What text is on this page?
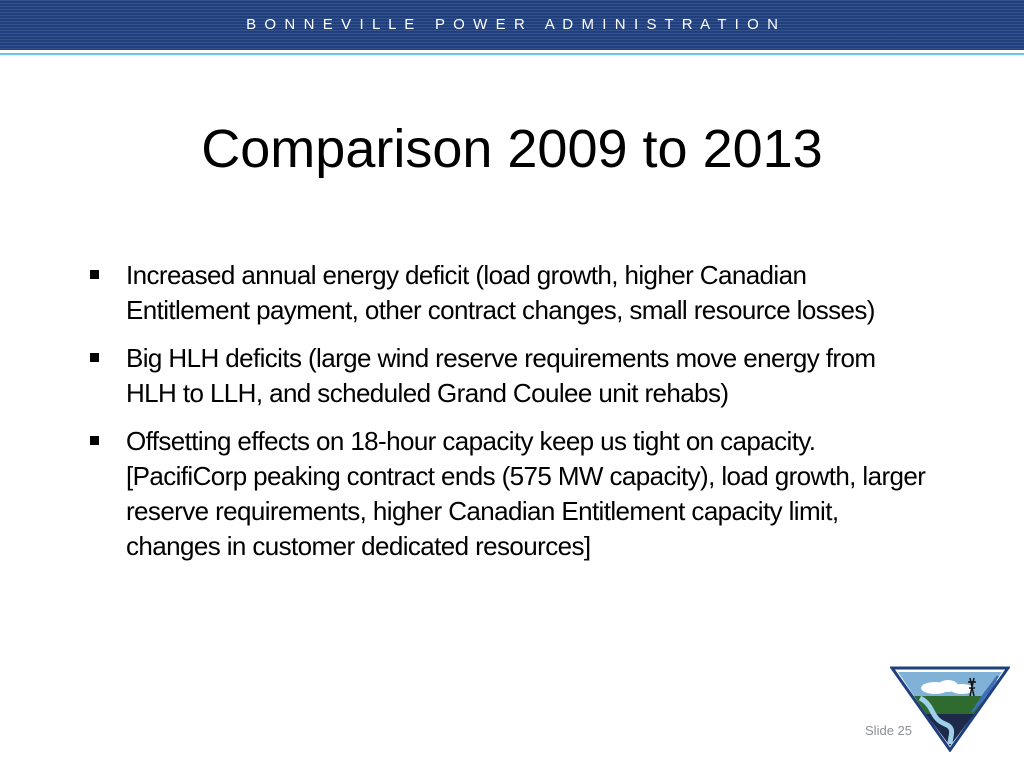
B  O  N  N  E  V  I  L  L  E     P  O  W  E  R     A  D  M  I  N  I  S  T  R  A  T  I  O  N
Comparison 2009 to 2013
Increased annual energy deficit (load growth, higher Canadian Entitlement payment, other contract changes, small resource losses)
Big HLH deficits (large wind reserve requirements move energy from HLH to LLH, and scheduled Grand Coulee unit rehabs)
Offsetting effects on 18-hour capacity keep us tight on capacity. [PacifiCorp peaking contract ends (575 MW capacity), load growth, larger reserve requirements, higher Canadian Entitlement capacity limit, changes in customer dedicated resources]
Slide 25
